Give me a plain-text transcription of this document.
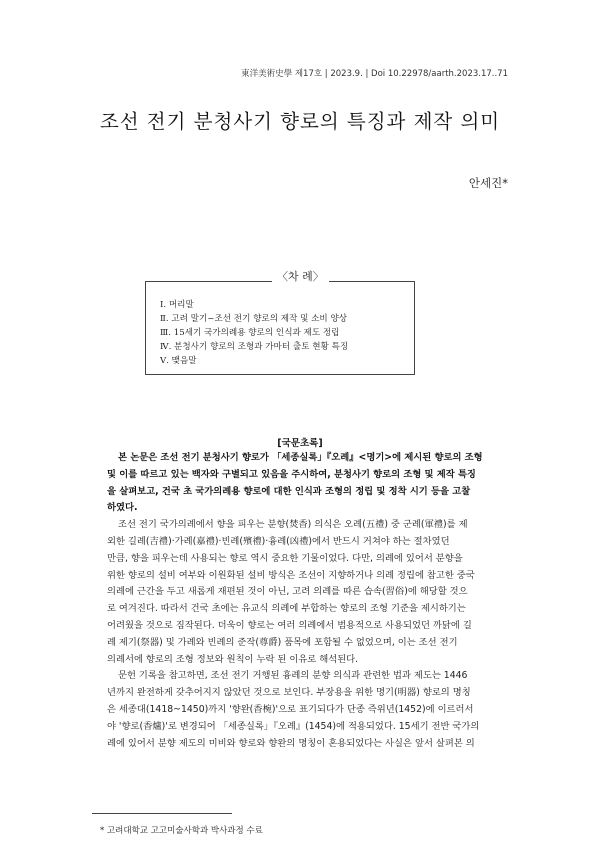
東洋美術史學 제17호 | 2023.9. | Doi 10.22978/aarth.2023.17..71
조선 전기 분청사기 향로의 특징과 제작 의미
안세진*
〈차 례〉
Ⅰ. 머리말
Ⅱ. 고려 말기~조선 전기 향로의 제작 및 소비 양상
Ⅲ. 15세기 국가의례용 향로의 인식과 제도 정립
Ⅳ. 분청사기 향로의 조형과 가마터 출토 현황 특징
Ⅴ. 맺음말
[국문초록]
본 논문은 조선 전기 분청사기 향로가 「세종실록」『오례』<명기>에 제시된 향로의 조형
및 이를 따르고 있는 백자와 구별되고 있음을 주시하여, 분청사기 향로의 조형 및 제작 특징
을 살펴보고, 건국 초 국가의례용 향로에 대한 인식과 조형의 정립 및 정착 시기 등을 고찰
하였다.
조선 전기 국가의례에서 향을 피우는 분향(焚香) 의식은 오례(五禮) 중 군례(軍禮)를 제
외한 길례(吉禮)·가례(嘉禮)·빈례(殯禮)·흉례(凶禮)에서 반드시 거쳐야 하는 절차였던
만큼, 향을 피우는데 사용되는 향로 역시 중요한 기물이었다. 다만, 의례에 있어서 분향을
위한 향로의 설비 여부와 이원화된 설비 방식은 조선이 지향하거나 의례 정립에 참고한 중국
의례에 근간을 두고 새롭게 재편된 것이 아닌, 고려 의례를 따른 습속(習俗)에 해당할 것으
로 여겨진다. 따라서 건국 초에는 유교식 의례에 부합하는 향로의 조형 기준을 제시하기는
어려웠을 것으로 짐작된다. 더욱이 향로는 여러 의례에서 범용적으로 사용되었던 까닭에 길
례 제기(祭器) 및 가례와 빈례의 준작(尊爵) 품목에 포함될 수 없었으며, 이는 조선 전기
의례서에 향로의 조형 정보와 원칙이 누락 된 이유로 해석된다.
문헌 기록을 참고하면, 조선 전기 거행된 흉례의 분향 의식과 관련한 법과 제도는 1446
년까지 완전하게 갖추어지지 않았던 것으로 보인다. 부장용을 위한 명기(明器) 향로의 명칭
은 세종대(1418~1450)까지 '향완(香椀)'으로 표기되다가 단종 즉위년(1452)에 이르러서
야 '향로(香爐)'로 변경되어 「세종실록」『오례』(1454)에 적용되었다. 15세기 전반 국가의
례에 있어서 분향 제도의 미비와 향로와 향완의 명칭이 혼용되었다는 사실은 앞서 살펴본 의
* 고려대학교 고고미술사학과 박사과정 수료
